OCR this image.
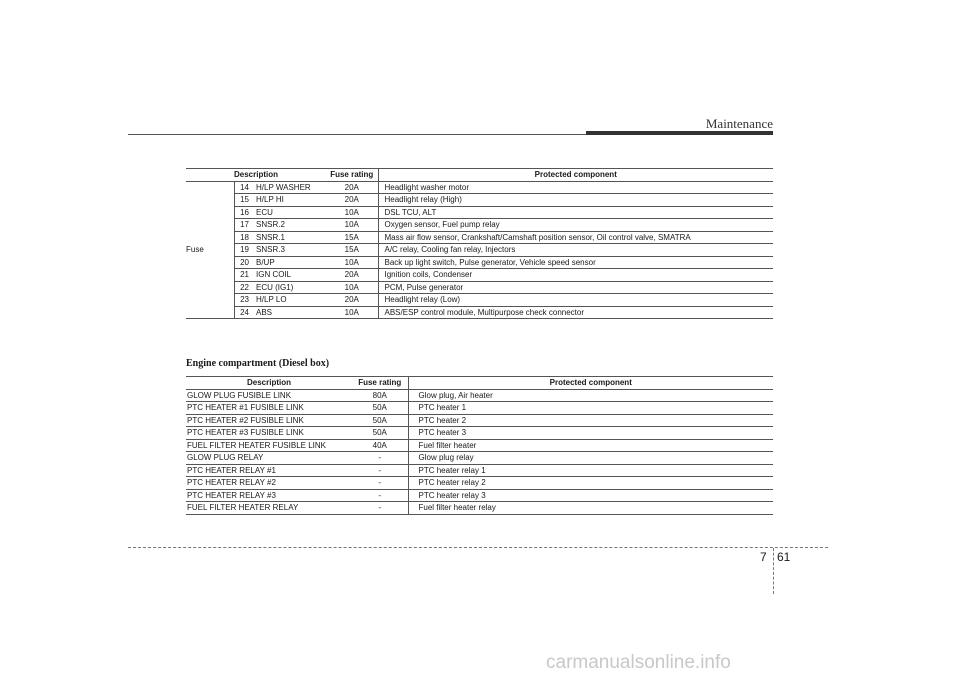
Maintenance
Description			Fuse rating	Protected component
Fuse	14	H/LP WASHER	20A	Headlight washer motor
	15	H/LP HI	20A	Headlight relay (High)
	16	ECU	10A	DSL TCU, ALT
	17	SNSR.2	10A	Oxygen sensor, Fuel pump relay
	18	SNSR.1	15A	Mass air flow sensor, Crankshaft/Camshaft position sensor, Oil control valve, SMATRA
	19	SNSR.3	15A	A/C relay, Cooling fan relay, Injectors
	20	B/UP	10A	Back up light switch, Pulse generator, Vehicle speed sensor
	21	IGN COIL	20A	Ignition coils, Condenser
	22	ECU (IG1)	10A	PCM, Pulse generator
	23	H/LP LO	20A	Headlight relay (Low)
	24	ABS	10A	ABS/ESP control module, Multipurpose check connector
Engine compartment (Diesel box)
Description	Fuse rating	Protected component
GLOW PLUG FUSIBLE LINK	80A	Glow plug, Air heater
PTC HEATER #1 FUSIBLE LINK	50A	PTC heater 1
PTC HEATER #2 FUSIBLE LINK	50A	PTC heater 2
PTC HEATER #3 FUSIBLE LINK	50A	PTC heater 3
FUEL FILTER HEATER FUSIBLE LINK	40A	Fuel filter heater
GLOW PLUG RELAY	-	Glow plug relay
PTC HEATER RELAY #1	-	PTC heater relay 1
PTC HEATER RELAY #2	-	PTC heater relay 2
PTC HEATER RELAY #3	-	PTC heater relay 3
FUEL FILTER HEATER RELAY	-	Fuel filter heater relay
7 61
carmanualsonline.info
